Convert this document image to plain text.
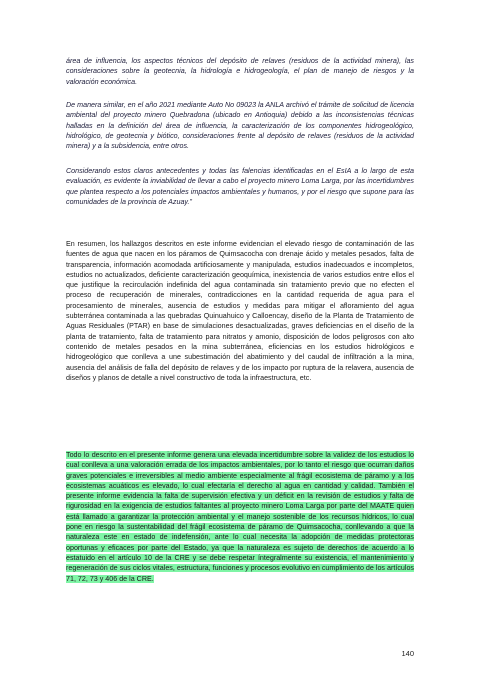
área de influencia, los aspectos técnicos del depósito de relaves (residuos de la actividad minera), las consideraciones sobre la geotecnia, la hidrología e hidrogeología, el plan de manejo de riesgos y la valoración económica.

De manera similar, en el año 2021 mediante Auto No 09023 la ANLA archivó el trámite de solicitud de licencia ambiental del proyecto minero Quebradona (ubicado en Antioquia) debido a las inconsistencias técnicas halladas en la definición del área de influencia, la caracterización de los componentes hidrogeológico, hidrológico, de geotecnia y biótico, consideraciones frente al depósito de relaves (residuos de la actividad minera) y a la subsidencia, entre otros.

Considerando estos claros antecedentes y todas las falencias identificadas en el EsIA a lo largo de esta evaluación, es evidente la inviabilidad de llevar a cabo el proyecto minero Loma Larga, por las incertidumbres que plantea respecto a los potenciales impactos ambientales y humanos, y por el riesgo que supone para las comunidades de la provincia de Azuay.”

En resumen, los hallazgos descritos en este informe evidencian el elevado riesgo de contaminación de las fuentes de agua que nacen en los páramos de Quimsacocha con drenaje ácido y metales pesados, falta de transparencia, información acomodada artificiosamente y manipulada, estudios inadecuados e incompletos, estudios no actualizados, deficiente caracterización geoquímica, inexistencia de varios estudios entre ellos el que justifique la recirculación indefinida del agua contaminada sin tratamiento previo que no efecten el proceso de recuperación de minerales, contradicciones en la cantidad requerida de agua para el procesamiento de minerales, ausencia de estudios y medidas para mitigar el afloramiento del agua subterránea contaminada a las quebradas Quinuahuico y Calloencay, diseño de la Planta de Tratamiento de Aguas Residuales (PTAR) en base de simulaciones desactualizadas, graves deficiencias en el diseño de la planta de tratamiento, falta de tratamiento para nitratos y amonio, disposición de lodos peligrosos con alto contenido de metales pesados en la mina subterránea, eficiencias en los estudios hidrológicos e hidrogeológico que conlleva a une subestimación del abatimiento y del caudal de infiltración a la mina, ausencia del análisis de falla del depósito de relaves y de los impacto por ruptura de la relavera, ausencia de diseños y planos de detalle a nivel constructivo de toda la infraestructura, etc.

Todo lo descrito en el presente informe genera una elevada incertidumbre sobre la validez de los estudios lo cual conlleva a una valoración errada de los impactos ambientales, por lo tanto el riesgo que ocurran daños graves potenciales e irreversibles al medio ambiente especialmente al frágil ecosistema de páramo y a los ecosistemas acuáticos es elevado, lo cual efectaría el derecho al agua en cantidad y calidad. También el presente informe evidencia la falta de supervisión efectiva y un déficit en la revisión de estudios y falta de rigurosidad en la exigencia de estudios faltantes al proyecto minero Loma Larga por parte del MAATE quien está llamado a garantizar la protección ambiental y el manejo sostenible de los recursos hídricos, lo cual pone en riesgo la sustentabilidad del frágil ecosistema de páramo de Quimsacocha, conllevando a que la naturaleza este en estado de indefensión, ante lo cual necesita la adopción de medidas protectoras oportunas y eficaces por parte del Estado, ya que la naturaleza es sujeto de derechos de acuerdo a lo estatuido en el artículo 10 de la CRE y se debe respetar íntegralmente su existencia, el mantenimiento y regeneración de sus ciclos vitales, estructura, funciones y procesos evolutivo en cumplimiento de los artículos 71, 72, 73 y 406 de la CRE.

140
